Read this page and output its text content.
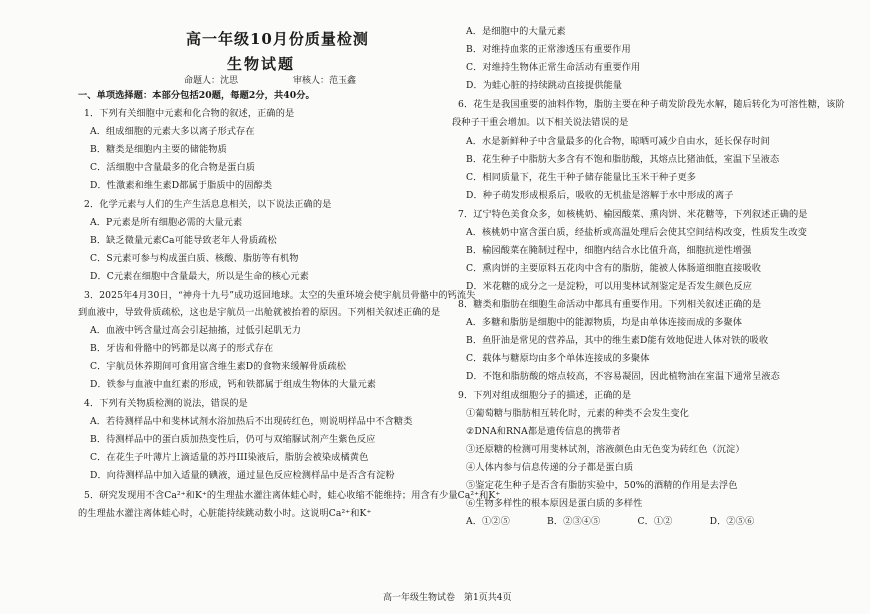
高一年级10月份质量检测
生物试题
命题人：沈思	审核人：范玉鑫
一、单项选择题：本部分包括20题，每题2分，共40分。
1．下列有关细胞中元素和化合物的叙述，正确的是
A．组成细胞的元素大多以离子形式存在
B．糖类是细胞内主要的储能物质
C．活细胞中含量最多的化合物是蛋白质
D．性激素和维生素D都属于脂质中的固醇类
2．化学元素与人们的生产生活息息相关，以下说法正确的是
A．P元素是所有细胞必需的大量元素
B．缺乏微量元素Ca可能导致老年人骨质疏松
C．S元素可参与构成蛋白质、核酸、脂肪等有机物
D．C元素在细胞中含量最大，所以是生命的核心元素
3．2025年4月30日，“神舟十九号”成功返回地球。太空的失重环境会使宇航员骨骼中的钙流失
到血液中，导致骨质疏松，这也是宇航员一出舱就被抬着的原因。下列相关叙述正确的是
A．血液中钙含量过高会引起抽搐，过低引起肌无力
B．牙齿和骨骼中的钙都是以离子的形式存在
C．宇航员休养期间可食用富含维生素D的食物来缓解骨质疏松
D．铁参与血液中血红素的形成，钙和铁都属于组成生物体的大量元素
4．下列有关物质检测的说法，错误的是
A．若待测样品中和斐林试剂水浴加热后不出现砖红色，则说明样品中不含糖类
B．待测样品中的蛋白质加热变性后，仍可与双缩脲试剂产生紫色反应
C．在花生子叶薄片上滴适量的苏丹III染液后，脂肪会被染成橘黄色
D．向待测样品中加入适量的碘液，通过显色反应检测样品中是否含有淀粉
5．研究发现用不含Ca²⁺和K⁺的生理盐水灌注离体蛙心时，蛙心收缩不能维持；用含有少量Ca²⁺和K⁺
的生理盐水灌注离体蛙心时，心脏能持续跳动数小时。这说明Ca²⁺和K⁺
A．是细胞中的大量元素
B．对维持血浆的正常渗透压有重要作用
C．对维持生物体正常生命活动有重要作用
D．为蛙心脏的持续跳动直接提供能量
6．花生是我国重要的油料作物，脂肪主要在种子萌发阶段先水解，随后转化为可溶性糖，该阶
段种子干重会增加。以下相关说法错误的是
A．水是新鲜种子中含量最多的化合物，晾晒可减少自由水，延长保存时间
B．花生种子中脂肪大多含有不饱和脂肪酸，其熔点比猪油低，室温下呈液态
C．相同质量下，花生干种子储存能量比玉米干种子更多
D．种子萌发形成根系后，吸收的无机盐是溶解于水中形成的离子
7．辽宁特色美食众多，如核桃奶、榆园酸菜、熏肉饼、米花糖等，下列叙述正确的是
A．核桃奶中富含蛋白质，经盐析或高温处理后会使其空间结构改变，性质发生改变
B．榆园酸菜在腌制过程中，细胞内结合水比值升高，细胞抗逆性增强
C．熏肉饼的主要原料五花肉中含有的脂肪，能被人体肠道细胞直接吸收
D．米花糖的成分之一是淀粉，可以用斐林试剂鉴定是否发生颜色反应
8．糖类和脂肪在细胞生命活动中都具有重要作用。下列相关叙述正确的是
A．多糖和脂肪是细胞中的能源物质，均是由单体连接而成的多聚体
B．鱼肝油是常见的营养品，其中的维生素D能有效地促进人体对铁的吸收
C．载体与糖原均由多个单体连接成的多聚体
D．不饱和脂肪酸的熔点较高，不容易凝固，因此植物油在室温下通常呈液态
9．下列对组成细胞分子的描述，正确的是
①葡萄糖与脂肪相互转化时，元素的种类不会发生变化
②DNA和RNA都是遗传信息的携带者
③还原糖的检测可用斐林试剂，溶液颜色由无色变为砖红色（沉淀）
④人体内参与信息传递的分子都是蛋白质
⑤鉴定花生种子是否含有脂肪实验中，50%的酒精的作用是去浮色
⑥生物多样性的根本原因是蛋白质的多样性
A．①②⑤　　　　B．②③④⑤　　　　C．①②　　　　D．②⑤⑥
高一年级生物试卷　第1页共4页
